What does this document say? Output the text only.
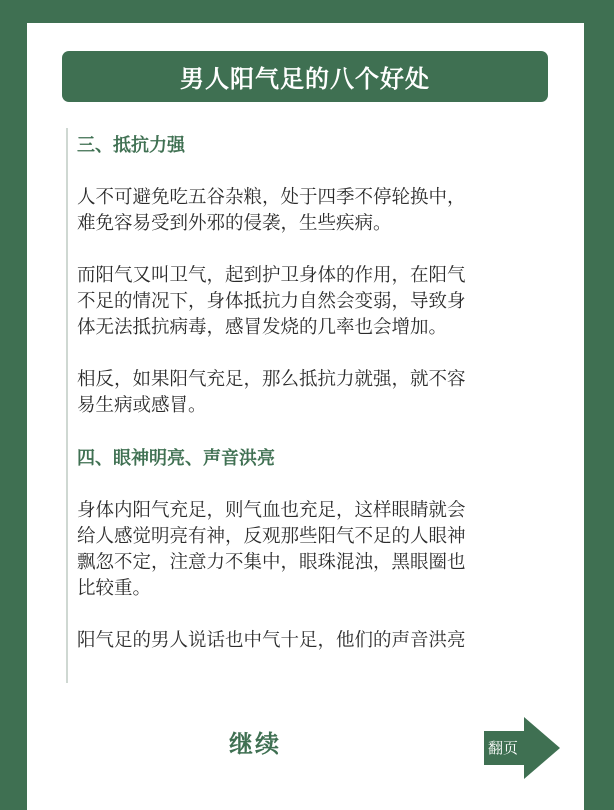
男人阳气足的八个好处
三、抵抗力强
人不可避免吃五谷杂粮，处于四季不停轮换中，
难免容易受到外邪的侵袭，生些疾病。
而阳气又叫卫气，起到护卫身体的作用，在阳气
不足的情况下，身体抵抗力自然会变弱，导致身
体无法抵抗病毒，感冒发烧的几率也会增加。
相反，如果阳气充足，那么抵抗力就强，就不容
易生病或感冒。
四、眼神明亮、声音洪亮
身体内阳气充足，则气血也充足，这样眼睛就会
给人感觉明亮有神，反观那些阳气不足的人眼神
飘忽不定，注意力不集中，眼珠混浊，黑眼圈也
比较重。
阳气足的男人说话也中气十足，他们的声音洪亮
继续	翻页
